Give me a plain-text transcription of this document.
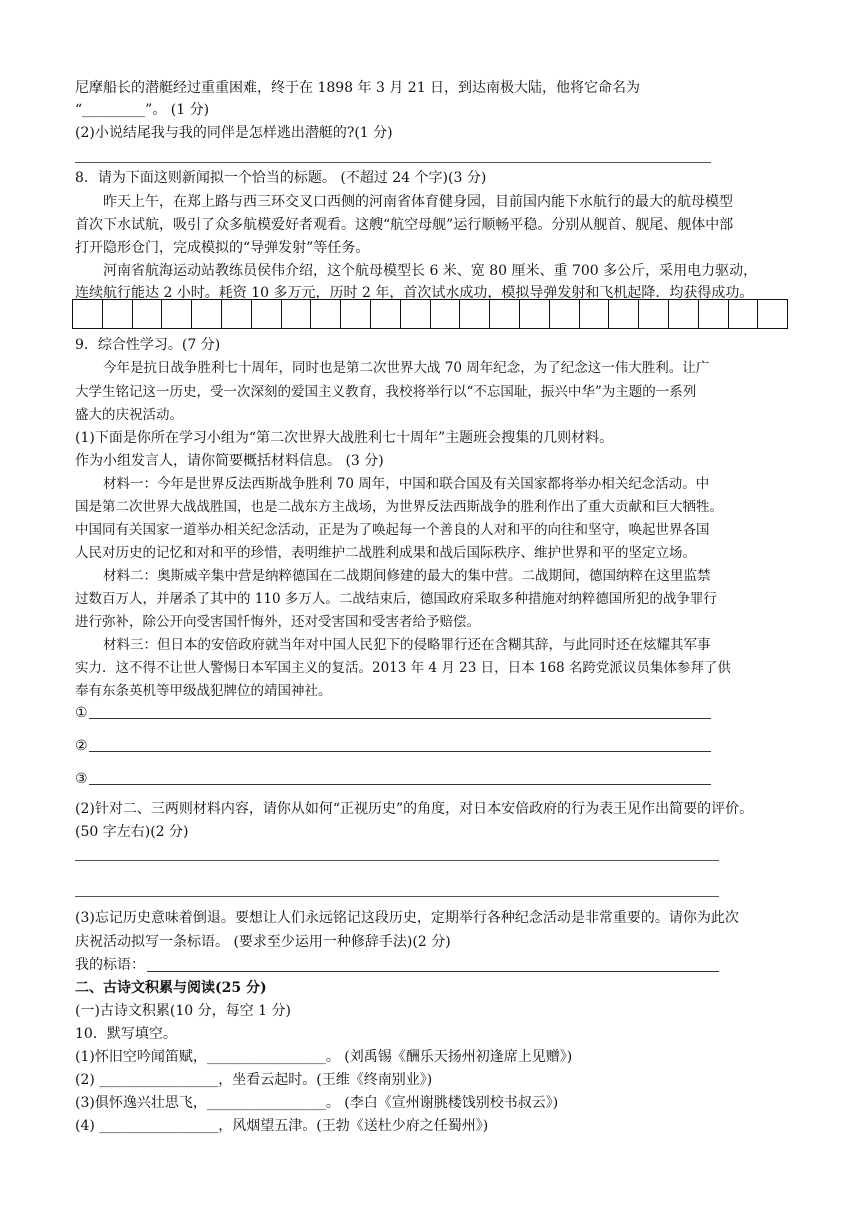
尼摩船长的潜艇经过重重困难，终于在 1898 年 3 月 21 日，到达南极大陆，他将它命名为
“_________”。 (1 分)
(2)小说结尾我与我的同伴是怎样逃出潜艇的?(1 分)
8．请为下面这则新闻拟一个恰当的标题。 (不超过 24 个字)(3 分)
昨天上午，在郑上路与西三环交叉口西侧的河南省体育健身园，目前国内能下水航行的最大的航母模型
首次下水试航，吸引了众多航模爱好者观看。这艘“航空母舰”运行顺畅平稳。分别从舰首、舰尾、舰体中部
打开隐形仓门，完成模拟的“导弹发射”等任务。
河南省航海运动站教练员侯伟介绍，这个航母模型长 6 米、宽 80 厘米、重 700 多公斤，采用电力驱动，
连续航行能达 2 小时。耗资 10 多万元，历时 2 年，首次试水成功，模拟导弹发射和飞机起降．均获得成功。
9．综合性学习。(7 分)
今年是抗日战争胜利七十周年，同时也是第二次世界大战 70 周年纪念，为了纪念这一伟大胜利。让广
大学生铭记这一历史，受一次深刻的爱国主义教育，我校将举行以“不忘国耻，振兴中华”为主题的一系列
盛大的庆祝活动。
(1)下面是你所在学习小组为“第二次世界大战胜利七十周年”主题班会搜集的几则材料。
作为小组发言人，请你简要概括材料信息。 (3 分)
材料一：今年是世界反法西斯战争胜利 70 周年，中国和联合国及有关国家都将举办相关纪念活动。中
国是第二次世界大战战胜国，也是二战东方主战场，为世界反法西斯战争的胜利作出了重大贡献和巨大牺牲。
中国同有关国家一道举办相关纪念活动，正是为了唤起每一个善良的人对和平的向往和坚守，唤起世界各国
人民对历史的记忆和对和平的珍惜，表明维护二战胜利成果和战后国际秩序、维护世界和平的坚定立场。
材料二：奥斯威辛集中营是纳粹德国在二战期间修建的最大的集中营。二战期间，德国纳粹在这里监禁
过数百万人，并屠杀了其中的 110 多万人。二战结束后，德国政府采取多种措施对纳粹德国所犯的战争罪行
进行弥补，除公开向受害国忏悔外，还对受害国和受害者给予赔偿。
材料三：但日本的安倍政府就当年对中国人民犯下的侵略罪行还在含糊其辞，与此同时还在炫耀其军事
实力．这不得不让世人警惕日本军国主义的复活。2013 年 4 月 23 日，日本 168 名跨党派议员集体参拜了供
奉有东条英机等甲级战犯牌位的靖国神社。
①
②
③
(2)针对二、三两则材料内容，请你从如何“正视历史”的角度，对日本安倍政府的行为表王见作出简要的评价。
(50 字左右)(2 分)
(3)忘记历史意味着倒退。要想让人们永远铭记这段历史，定期举行各种纪念活动是非常重要的。请你为此次
庆祝活动拟写一条标语。 (要求至少运用一种修辞手法)(2 分)
我的标语：
二、古诗文积累与阅读(25 分)
(一)古诗文积累(10 分，每空 1 分)
10．默写填空。
(1)怀旧空吟闻笛赋，_________________。 (刘禹锡《酬乐天扬州初逢席上见赠》)
(2) _________________，坐看云起时。(王维《终南别业》)
(3)俱怀逸兴壮思飞，_________________。 (李白《宣州谢朓楼饯别校书叔云》)
(4) _________________，风烟望五津。(王勃《送杜少府之任蜀州》)
